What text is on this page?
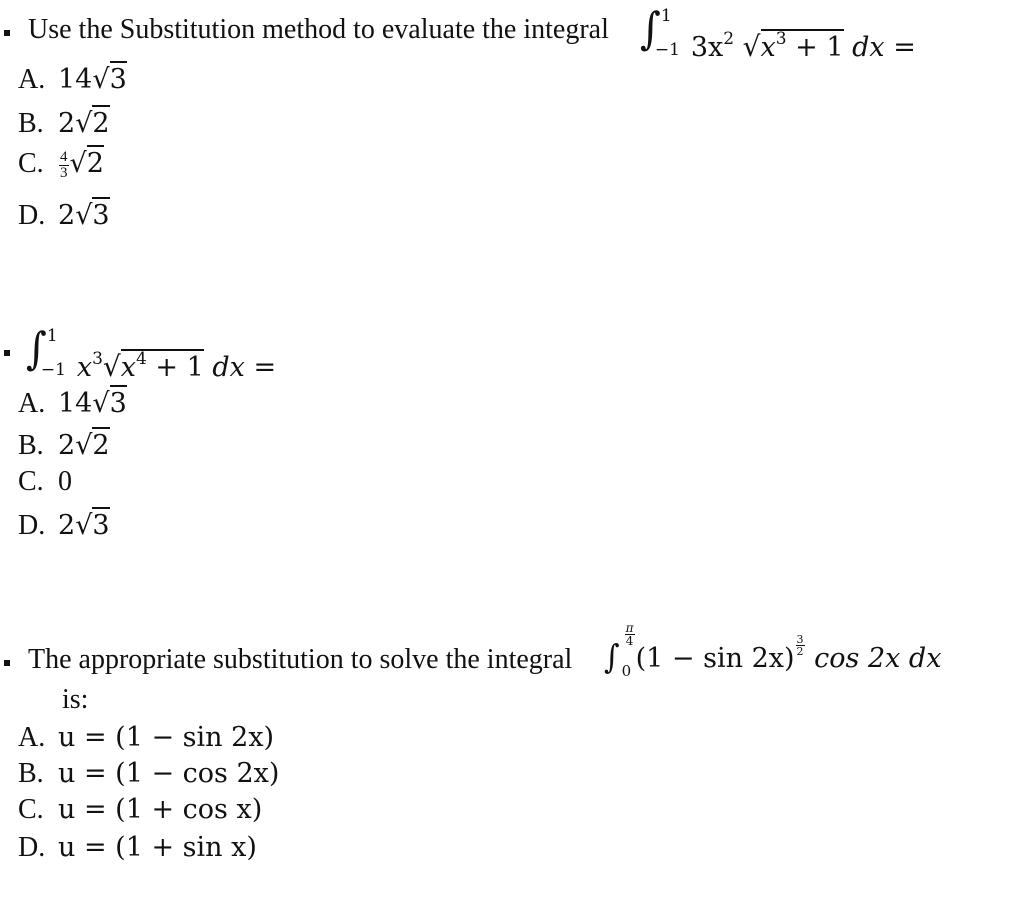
Use the Substitution method to evaluate the integral ∫ 1
−1 $3x^2$ $√x^3 + 1$ dx =
A. 14√3
B. 2√2
C. $\frac{4}{3} √2$
D. 2√3
∫ 1
−1 $x^3√x^4 + 1$ dx =
A. 14√3
B. 2√2
C. 0
D. 2√3
The appropriate substitution to solve the integral ∫
$\frac{\pi}{4}$
0 $(1 - \sin 2x) \frac{3}{2}$ cos 2x dx
is:
A. u = (1 − sin 2x)
B. u = (1 − cos 2x)
C. u = (1 + cos x)
D. u = (1 + sin x)
